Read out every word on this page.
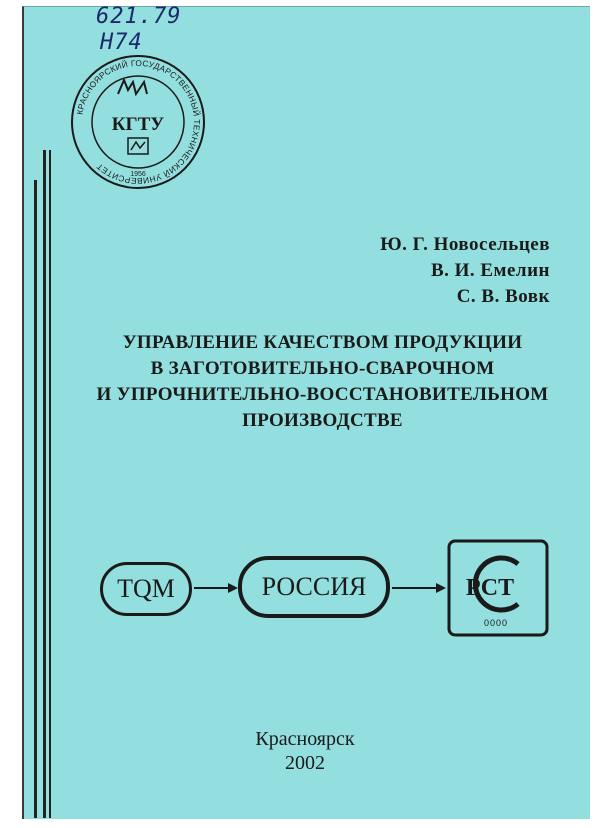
621.79
Н74
КРАСНОЯРСКИЙ ГОСУДАРСТВЕННЫЙ ТЕХНИЧЕСКИЙ УНИВЕРСИТЕТ
КГТУ
1956
Ю. Г. Новосельцев
В. И. Емелин
С. В. Вовк
УПРАВЛЕНИЕ КАЧЕСТВОМ ПРОДУКЦИИ
В ЗАГОТОВИТЕЛЬНО-СВАРОЧНОМ
И УПРОЧНИТЕЛЬНО-ВОССТАНОВИТЕЛЬНОМ
ПРОИЗВОДСТВЕ
TQM	РОССИЯ	РСТ
0000
Красноярск
2002
